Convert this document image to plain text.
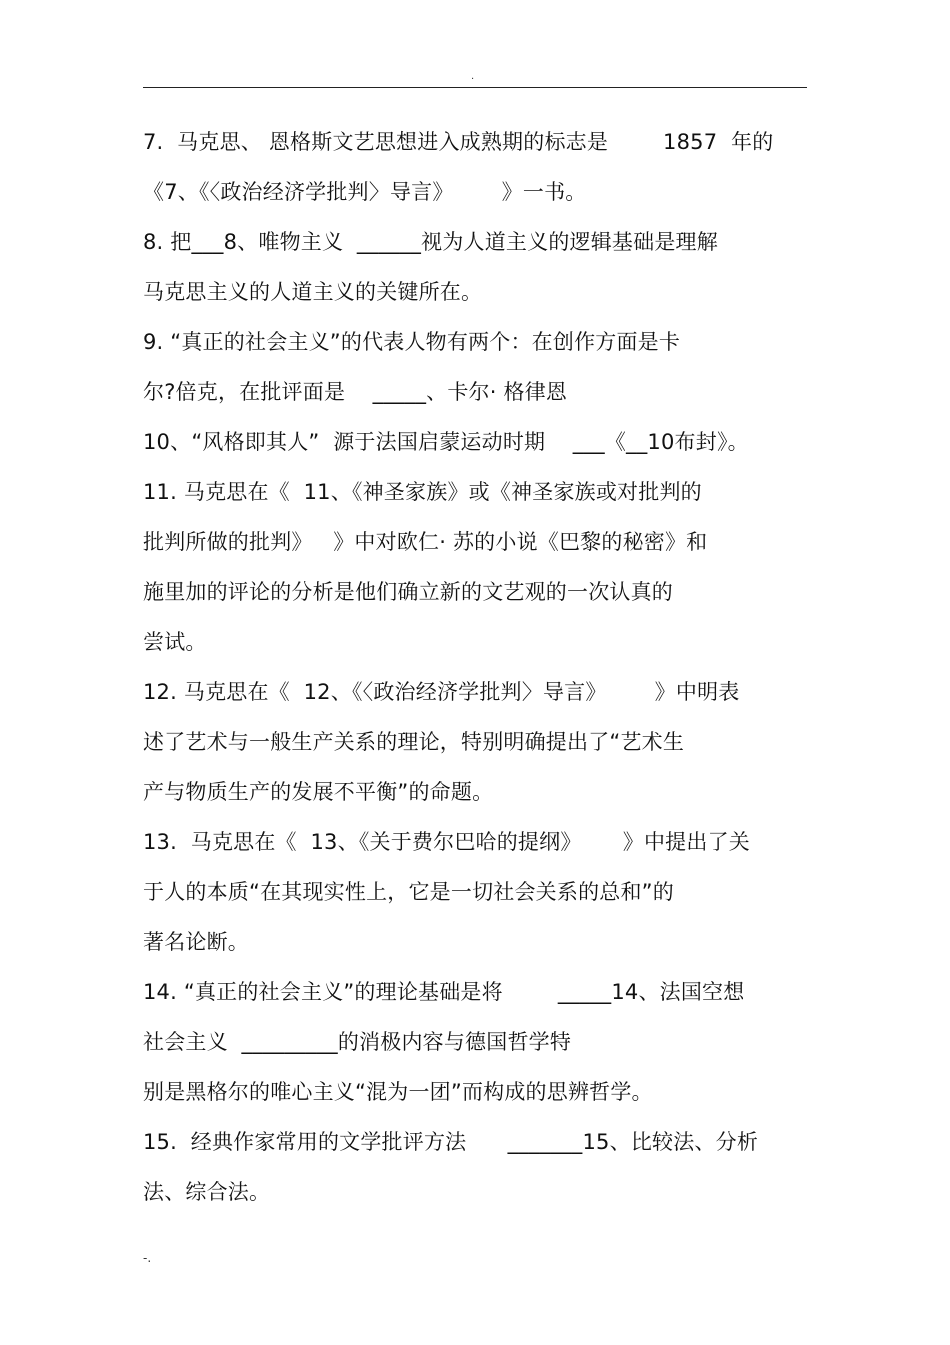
.
7.  马克思、 恩格斯文艺思想进入成熟期的标志是        1857  年的
《7、《〈政治经济学批判〉导言》       》一书。
8. 把___8、唯物主义  ______视为人道主义的逻辑基础是理解
马克思主义的人道主义的关键所在。
9. “真正的社会主义”的代表人物有两个：在创作方面是卡
尔?倍克，在批评面是    _____、卡尔· 格律恩
10、“风格即其人”  源于法国启蒙运动时期    ___《__10布封》。
11. 马克思在《  11、《神圣家族》或《神圣家族或对批判的
批判所做的批判》   》中对欧仁· 苏的小说《巴黎的秘密》和
施里加的评论的分析是他们确立新的文艺观的一次认真的
尝试。
12. 马克思在《  12、《〈政治经济学批判〉导言》       》中明表
述了艺术与一般生产关系的理论，特别明确提出了“艺术生
产与物质生产的发展不平衡”的命题。
13.  马克思在《  13、《关于费尔巴哈的提纲》      》中提出了关
于人的本质“在其现实性上，它是一切社会关系的总和”的
著名论断。
14. “真正的社会主义”的理论基础是将        _____14、法国空想
社会主义  _________的消极内容与德国哲学特
别是黑格尔的唯心主义“混为一团”而构成的思辨哲学。
15.  经典作家常用的文学批评方法      _______15、比较法、分析
法、综合法。
-.
